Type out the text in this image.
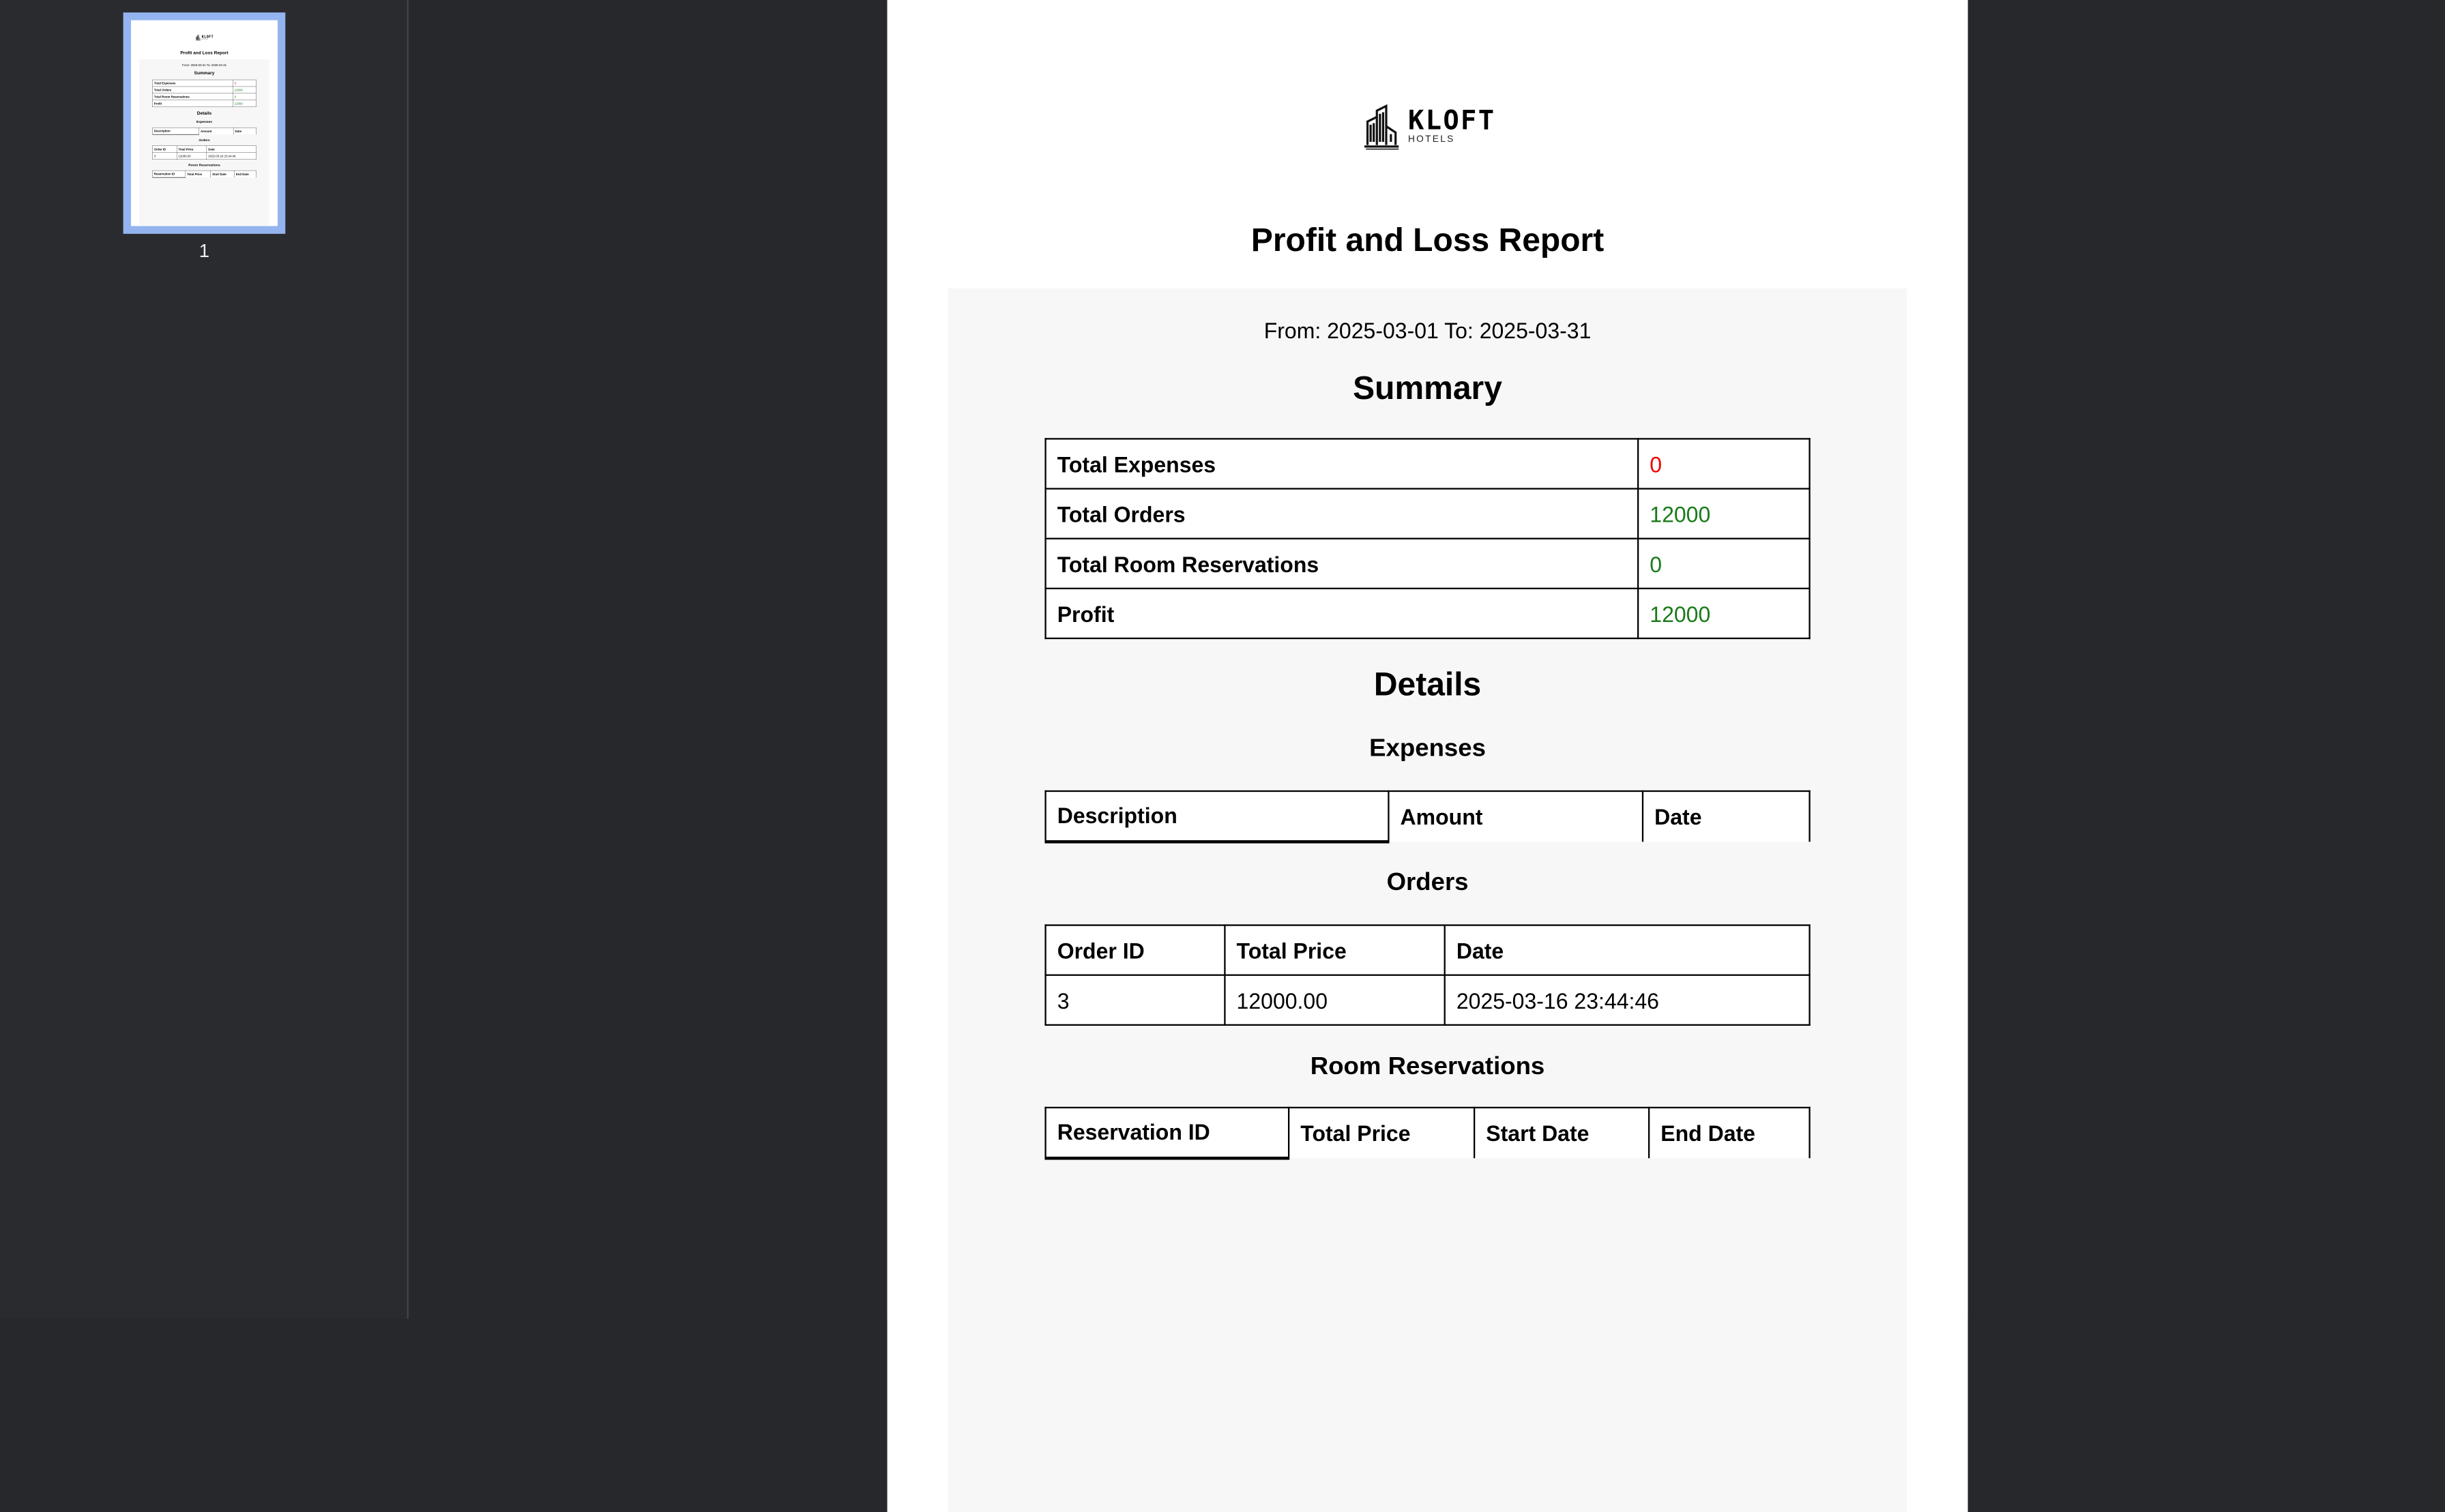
KLOFT
HOTELS
Profit and Loss Report
From: 2025-03-01 To: 2025-03-31
Summary
Total Expenses	0
Total Orders	12000
Total Room Reservations	0
Profit	12000
Details
Expenses
Description	Amount	Date
Orders
Order ID	Total Price	Date
3	12000.00	2025-03-16 23:44:46
Room Reservations
Reservation ID	Total Price	Start Date	End Date
1
KLOFT
HOTELS
Profit and Loss Report
From: 2025-03-01 To: 2025-03-31
Summary
Total Expenses	0
Total Orders	12000
Total Room Reservations	0
Profit	12000
Details
Expenses
Description	Amount	Date
Orders
Order ID	Total Price	Date
3	12000.00	2025-03-16 23:44:46
Room Reservations
Reservation ID	Total Price	Start Date	End Date
